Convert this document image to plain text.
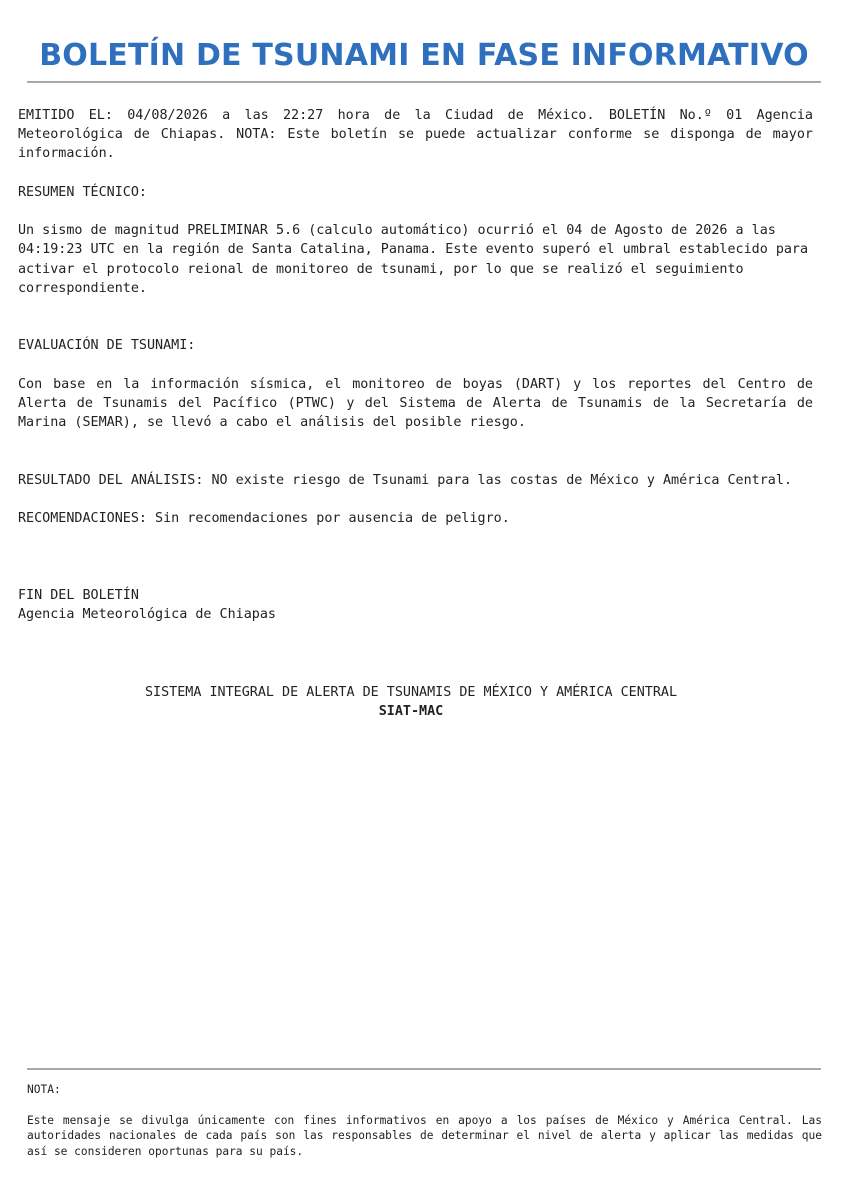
BOLETÍN DE TSUNAMI EN FASE INFORMATIVO

EMITIDO EL: 04/08/2026 a las 22:27 hora de la Ciudad de México. BOLETÍN No.º 01 Agencia Meteorológica de Chiapas. NOTA: Este boletín se puede actualizar conforme se disponga de mayor información.

RESUMEN TÉCNICO:

Un sismo de magnitud PRELIMINAR 5.6 (calculo automático) ocurrió el 04 de Agosto de 2026 a las 04:19:23 UTC en la región de Santa Catalina, Panama. Este evento superó el umbral establecido para activar el protocolo reional de monitoreo de tsunami, por lo que se realizó el seguimiento correspondiente.

EVALUACIÓN DE TSUNAMI:

Con base en la información sísmica, el monitoreo de boyas (DART) y los reportes del Centro de Alerta de Tsunamis del Pacífico (PTWC) y del Sistema de Alerta de Tsunamis de la Secretaría de Marina (SEMAR), se llevó a cabo el análisis del posible riesgo.

RESULTADO DEL ANÁLISIS: NO existe riesgo de Tsunami para las costas de México y América Central.

RECOMENDACIONES: Sin recomendaciones por ausencia de peligro.

FIN DEL BOLETÍN

Agencia Meteorológica de Chiapas

SISTEMA INTEGRAL DE ALERTA DE TSUNAMIS DE MÉXICO Y AMÉRICA CENTRAL

SIAT-MAC

NOTA:

Este mensaje se divulga únicamente con fines informativos en apoyo a los países de México y América Central. Las autoridades nacionales de cada país son las responsables de determinar el nivel de alerta y aplicar las medidas que así se consideren oportunas para su país.
